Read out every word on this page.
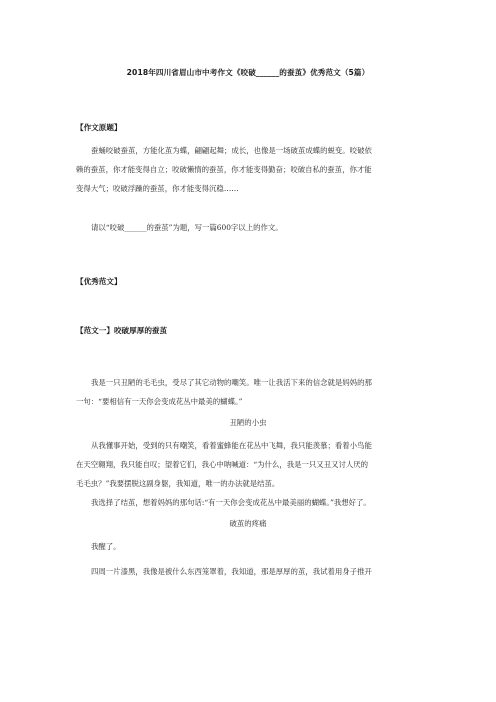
2018年四川省眉山市中考作文《咬破______的蚕茧》优秀范文（5篇）
【作文原题】
蚕蛹咬破蚕茧，方能化茧为蝶，翩翩起舞；成长，也像是一场破茧成蝶的蜕变。咬破依
赖的蚕茧，你才能变得自立；咬破懒惰的蚕茧，你才能变得勤奋；咬破自私的蚕茧，你才能
变得大气；咬破浮躁的蚕茧，你才能变得沉稳……
请以“咬破______的蚕茧”为题，写一篇600字以上的作文。
【优秀范文】
【范文一】咬破厚厚的蚕茧
我是一只丑陋的毛毛虫，受尽了其它动物的嘲笑。唯一让我活下来的信念就是妈妈的那
一句：“要相信有一天你会变成花丛中最美的蝴蝶。”
丑陋的小虫
从我懂事开始，受到的只有嘲笑，看着蜜蜂能在花丛中飞舞，我只能羡慕；看着小鸟能
在天空翱翔，我只能自叹；望着它们，我心中呐喊道：“为什么，我是一只又丑又讨人厌的
毛毛虫？”我要摆脱这副身躯，我知道，唯一的办法就是结茧。
我选择了结茧，想着妈妈的那句话:“有一天你会变成花丛中最美丽的蝴蝶。”我想好了。
破茧的疼痛
我醒了。
四周一片漆黑，我像是被什么东西笼罩着，我知道，那是厚厚的茧，我试着用身子推开
